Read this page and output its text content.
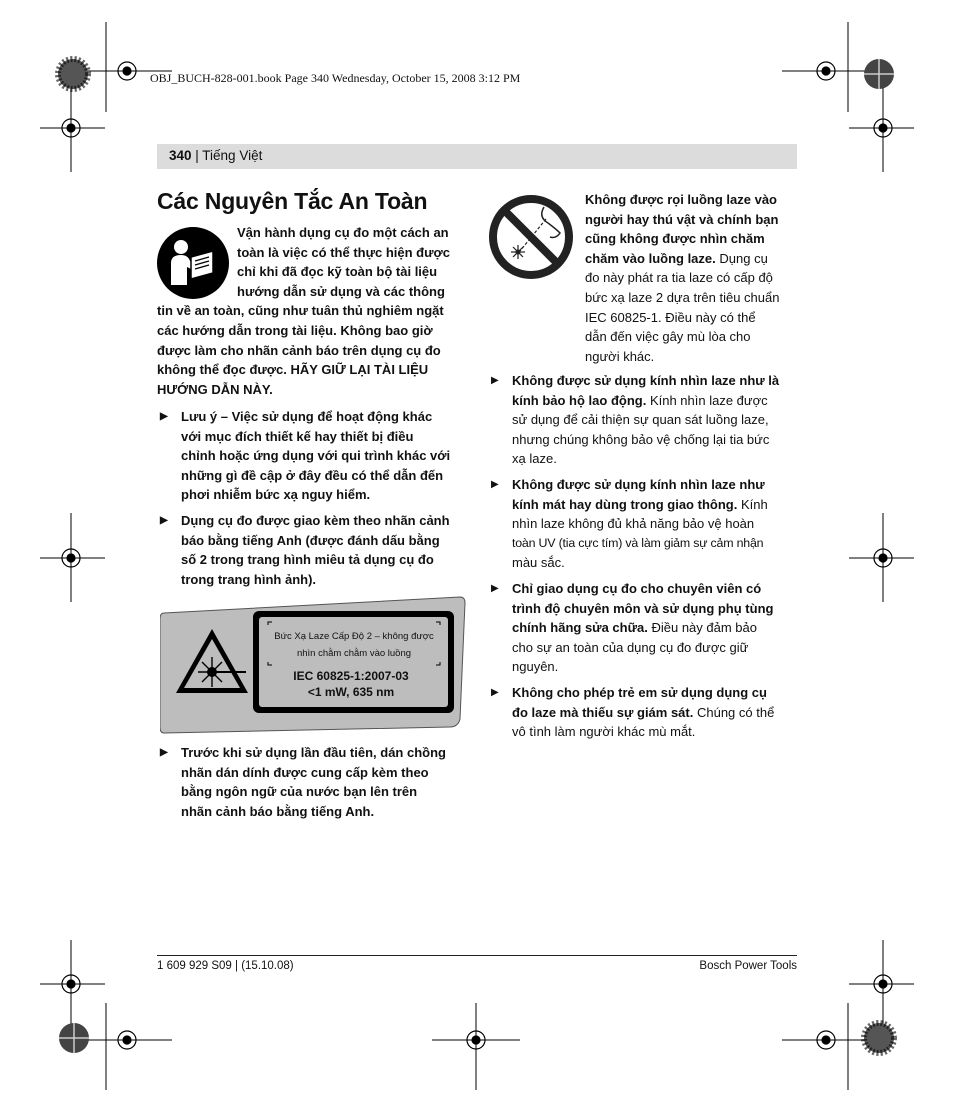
OBJ_BUCH-828-001.book Page 340 Wednesday, October 15, 2008 3:12 PM
340 | Tiếng Việt
Các Nguyên Tắc An Toàn
Vận hành dụng cụ đo một cách an toàn là việc có thể thực hiện được chỉ khi đã đọc kỹ toàn bộ tài liệu hướng dẫn sử dụng và các thông tin về an toàn, cũng như tuân thủ nghiêm ngặt các hướng dẫn trong tài liệu. Không bao giờ được làm cho nhãn cảnh báo trên dụng cụ đo không thể đọc được. HÃY GIỮ LẠI TÀI LIỆU HƯỚNG DẪN NÀY.
▶ Lưu ý – Việc sử dụng để hoạt động khác
với mục đích thiết kế hay thiết bị điều
chỉnh hoặc ứng dụng với qui trình khác với
những gì đề cập ở đây đều có thể dẫn đến
phơi nhiễm bức xạ nguy hiểm.
▶ Dụng cụ đo được giao kèm theo nhãn cảnh
báo bằng tiếng Anh (được đánh dấu bằng
số 2 trong trang hình miêu tả dụng cụ đo
trong trang hình ảnh).
Bức Xạ Laze Cấp Độ 2 – không được
nhìn chằm chằm vào luồng
IEC 60825-1:2007-03
<1 mW, 635 nm
▶ Trước khi sử dụng lần đầu tiên, dán chồng
nhãn dán dính được cung cấp kèm theo
bằng ngôn ngữ của nước bạn lên trên
nhãn cảnh báo bằng tiếng Anh.
Không được rọi luồng laze vào
người hay thú vật và chính bạn
cũng không được nhìn chăm
chăm vào luồng laze. Dụng cụ
đo này phát ra tia laze có cấp độ
bức xạ laze 2 dựa trên tiêu chuẩn
IEC 60825-1. Điều này có thể
dẫn đến việc gây mù lòa cho
người khác.
▶ Không được sử dụng kính nhìn laze như là
kính bảo hộ lao động. Kính nhìn laze được
sử dụng để cải thiện sự quan sát luồng laze,
nhưng chúng không bảo vệ chống lại tia bức
xạ laze.
▶ Không được sử dụng kính nhìn laze như
kính mát hay dùng trong giao thông. Kính
nhìn laze không đủ khả năng bảo vệ hoàn
toàn UV (tia cực tím) và làm giảm sự cảm nhận
màu sắc.
▶ Chỉ giao dụng cụ đo cho chuyên viên có
trình độ chuyên môn và sử dụng phụ tùng
chính hãng sửa chữa. Điều này đảm bảo
cho sự an toàn của dụng cụ đo được giữ
nguyên.
▶ Không cho phép trẻ em sử dụng dụng cụ
đo laze mà thiếu sự giám sát. Chúng có thể
vô tình làm người khác mù mắt.
1 609 929 S09 | (15.10.08)	Bosch Power Tools
